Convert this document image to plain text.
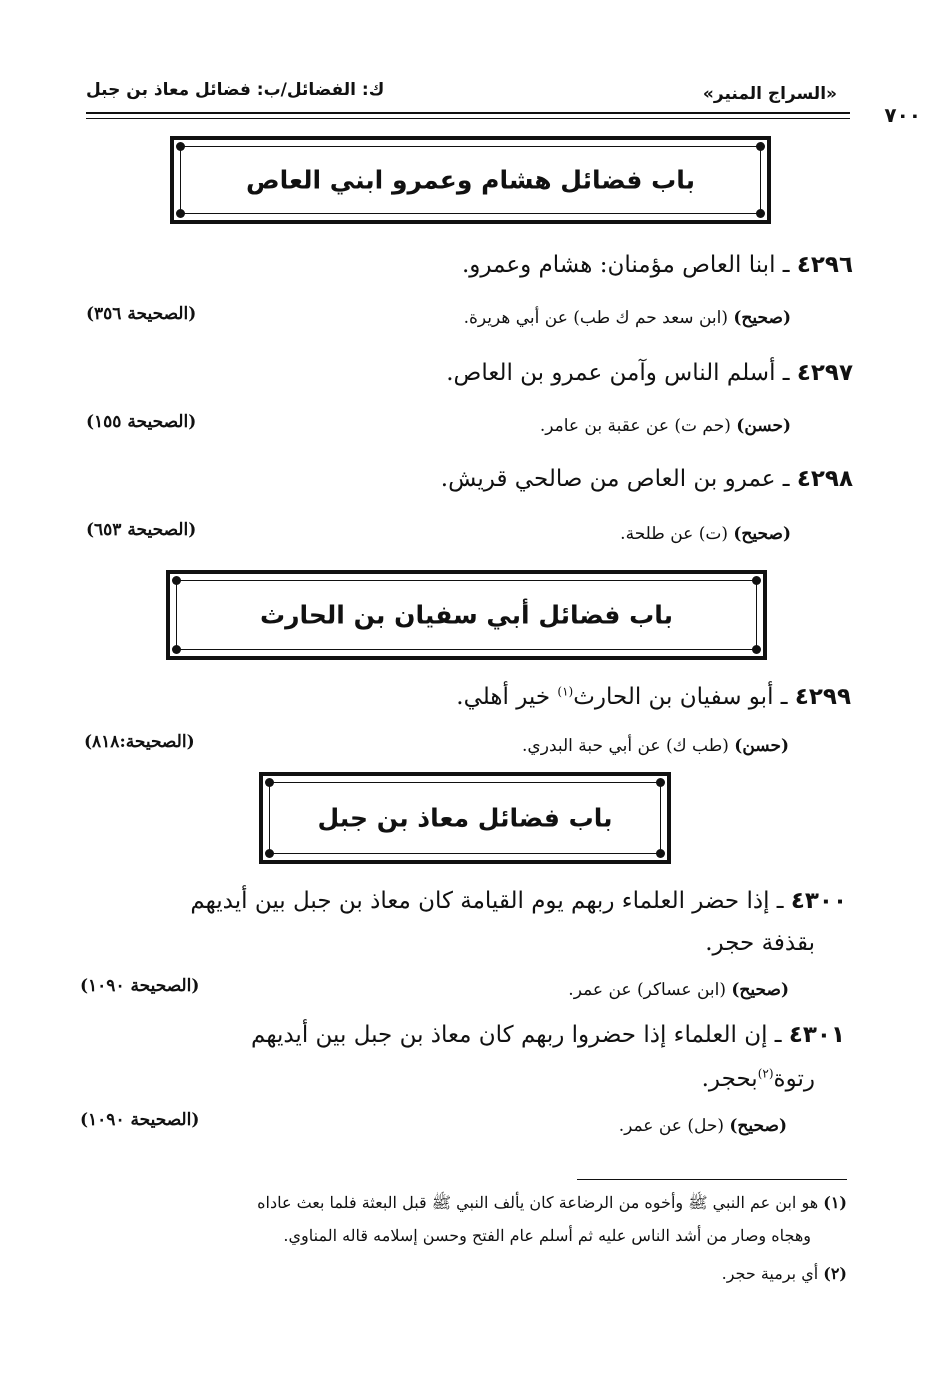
«السراج المنير»
ك: الفضائل/ب: فضائل معاذ بن جبل
٧٠٠
باب فضائل هشام وعمرو ابني العاص
٤٢٩٦ ـ ابنا العاص مؤمنان: هشام وعمرو.
(صحيح) (ابن سعد حم ك طب) عن أبي هريرة.
(الصحيحة ٣٥٦)
٤٢٩٧ ـ أسلم الناس وآمن عمرو بن العاص.
(حسن) (حم ت) عن عقبة بن عامر.
(الصحيحة ١٥٥)
٤٢٩٨ ـ عمرو بن العاص من صالحي قريش.
(صحيح) (ت) عن طلحة.
(الصحيحة ٦٥٣)
باب فضائل أبي سفيان بن الحارث
٤٢٩٩ ـ أبو سفيان بن الحارث$^{(١)}$ خير أهلي.
(حسن) (طب ك) عن أبي حبة البدري.
(الصحيحة:٨١٨)
باب فضائل معاذ بن جبل
٤٣٠٠ ـ إذا حضر العلماء ربهم يوم القيامة كان معاذ بن جبل بين أيديهم
بقذفة حجر.
(صحيح) (ابن عساكر) عن عمر.
(الصحيحة ١٠٩٠)
٤٣٠١ ـ إن العلماء إذا حضروا ربهم كان معاذ بن جبل بين أيديهم
رتوة$^{(٢)}$بحجر.
(صحيح) (حل) عن عمر.
(الصحيحة ١٠٩٠)
(١) هو ابن عم النبي ﷺ وأخوه من الرضاعة كان يألف النبي ﷺ قبل البعثة فلما بعث عاداه
وهجاه وصار من أشد الناس عليه ثم أسلم عام الفتح وحسن إسلامه قاله المناوي.
(٢) أي برمية حجر.
